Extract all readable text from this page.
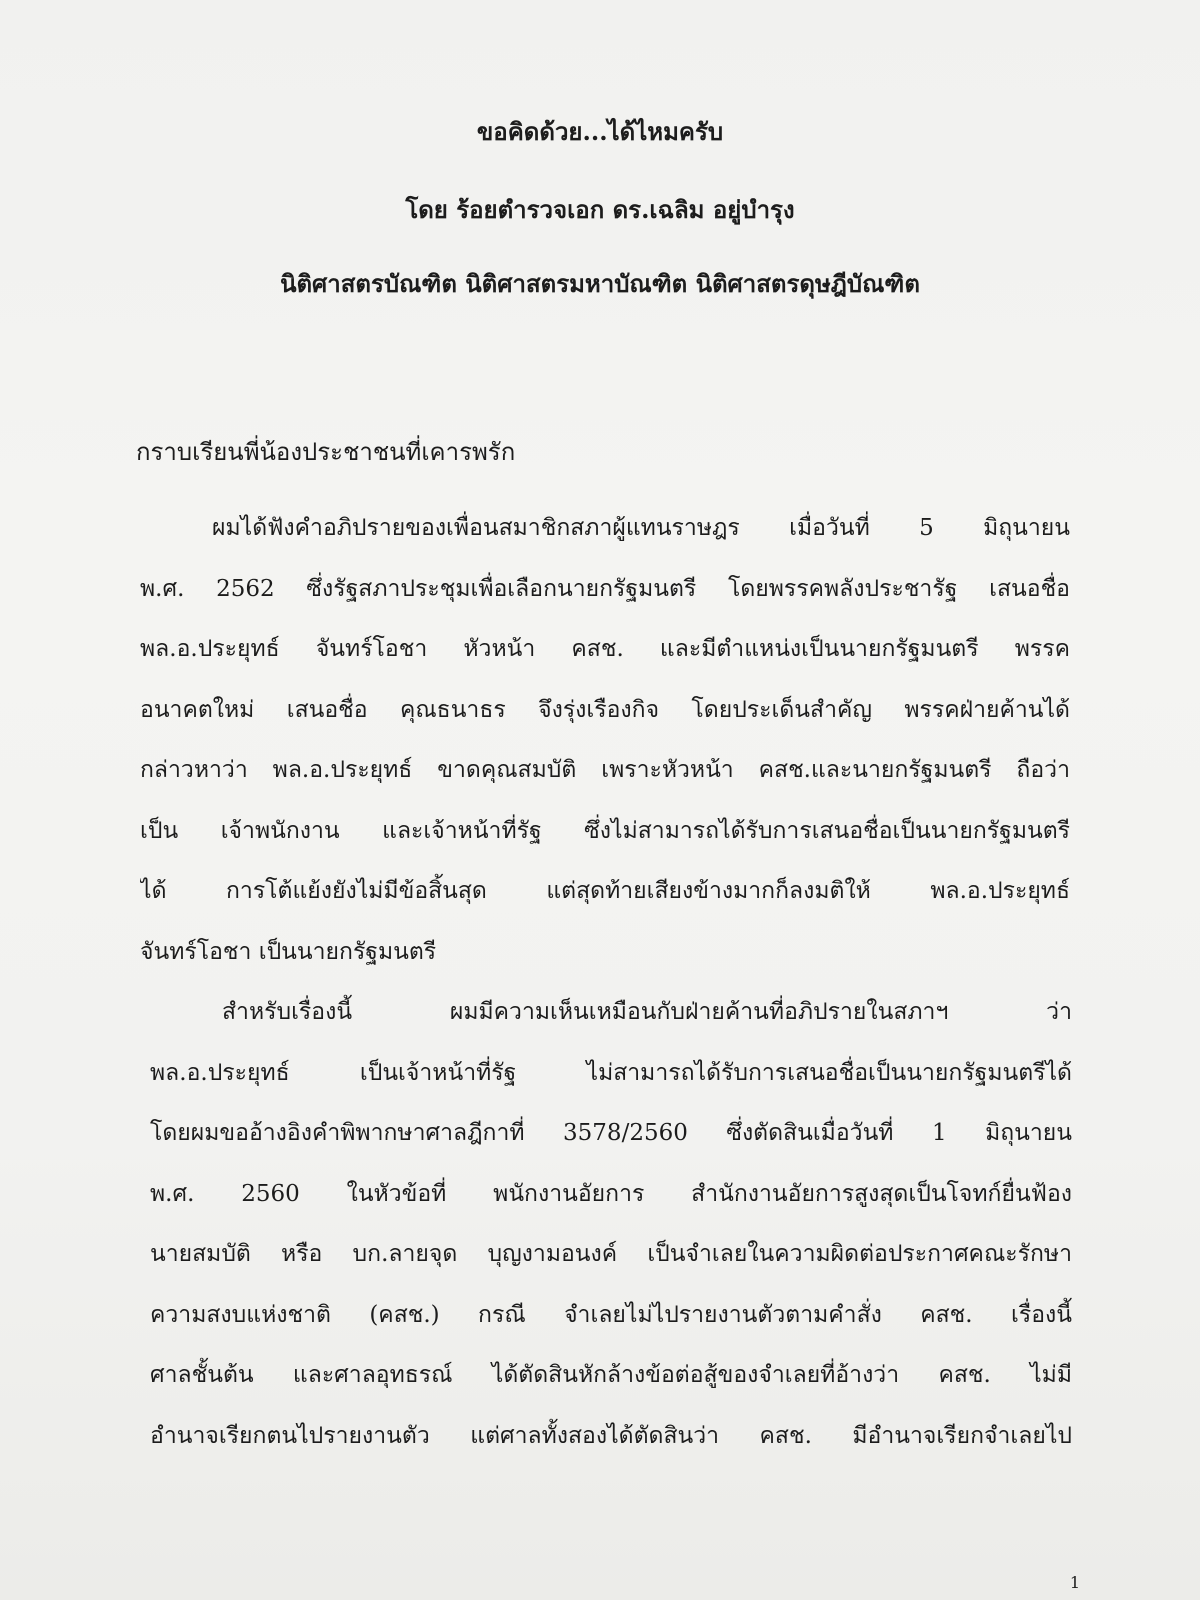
ขอคิดด้วย...ได้ไหมครับ
โดย ร้อยตำรวจเอก ดร.เฉลิม อยู่บำรุง
นิติศาสตรบัณฑิต นิติศาสตรมหาบัณฑิต นิติศาสตรดุษฎีบัณฑิต
กราบเรียนพี่น้องประชาชนที่เคารพรัก
ผมได้ฟังคำอภิปรายของเพื่อนสมาชิกสภาผู้แทนราษฎร เมื่อวันที่ 5 มิถุนายน
พ.ศ. 2562 ซึ่งรัฐสภาประชุมเพื่อเลือกนายกรัฐมนตรี โดยพรรคพลังประชารัฐ เสนอชื่อ
พล.อ.ประยุทธ์ จันทร์โอชา หัวหน้า คสช. และมีตำแหน่งเป็นนายกรัฐมนตรี พรรค
อนาคตใหม่ เสนอชื่อ คุณธนาธร จึงรุ่งเรืองกิจ โดยประเด็นสำคัญ พรรคฝ่ายค้านได้
กล่าวหาว่า พล.อ.ประยุทธ์ ขาดคุณสมบัติ เพราะหัวหน้า คสช.และนายกรัฐมนตรี ถือว่า
เป็น เจ้าพนักงาน และเจ้าหน้าที่รัฐ ซึ่งไม่สามารถได้รับการเสนอชื่อเป็นนายกรัฐมนตรี
ได้ การโต้แย้งยังไม่มีข้อสิ้นสุด แต่สุดท้ายเสียงข้างมากก็ลงมติให้ พล.อ.ประยุทธ์
จันทร์โอชา เป็นนายกรัฐมนตรี
สำหรับเรื่องนี้ ผมมีความเห็นเหมือนกับฝ่ายค้านที่อภิปรายในสภาฯ ว่า
พล.อ.ประยุทธ์ เป็นเจ้าหน้าที่รัฐ ไม่สามารถได้รับการเสนอชื่อเป็นนายกรัฐมนตรีได้
โดยผมขออ้างอิงคำพิพากษาศาลฎีกาที่ 3578/2560 ซึ่งตัดสินเมื่อวันที่ 1 มิถุนายน
พ.ศ. 2560 ในหัวข้อที่ พนักงานอัยการ สำนักงานอัยการสูงสุดเป็นโจทก์ยื่นฟ้อง
นายสมบัติ หรือ บก.ลายจุด บุญงามอนงค์ เป็นจำเลยในความผิดต่อประกาศคณะรักษา
ความสงบแห่งชาติ (คสช.) กรณี จำเลยไม่ไปรายงานตัวตามคำสั่ง คสช. เรื่องนี้
ศาลชั้นต้น และศาลอุทธรณ์ ได้ตัดสินหักล้างข้อต่อสู้ของจำเลยที่อ้างว่า คสช. ไม่มี
อำนาจเรียกตนไปรายงานตัว แต่ศาลทั้งสองได้ตัดสินว่า คสช. มีอำนาจเรียกจำเลยไป
1
